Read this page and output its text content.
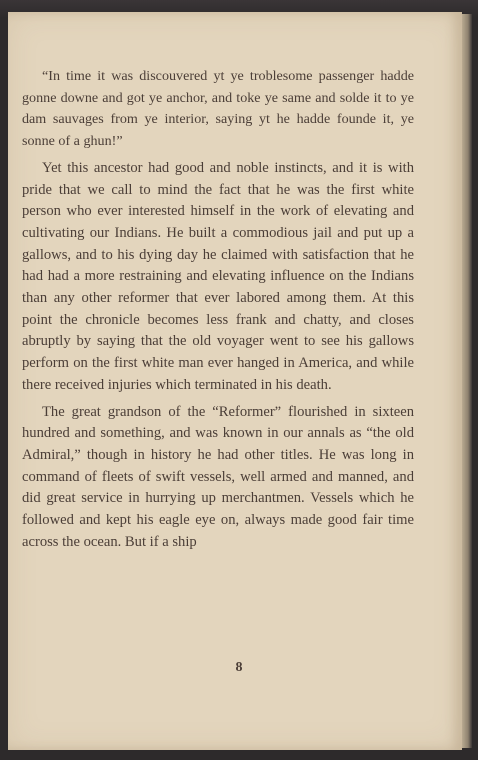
“In time it was discouvered yt ye troblesome passenger hadde gonne downe and got ye anchor, and toke ye same and solde it to ye dam sauvages from ye interior, saying yt he hadde founde it, ye sonne of a ghun!”

Yet this ancestor had good and noble instincts, and it is with pride that we call to mind the fact that he was the first white person who ever interested himself in the work of elevating and cultivating our Indians. He built a commodious jail and put up a gallows, and to his dying day he claimed with satisfaction that he had had a more restraining and elevating influence on the Indians than any other reformer that ever labored among them. At this point the chronicle becomes less frank and chatty, and closes abruptly by saying that the old voyager went to see his gallows perform on the first white man ever hanged in America, and while there received injuries which terminated in his death.

The great grandson of the “Reformer” flourished in sixteen hundred and something, and was known in our annals as “the old Admiral,” though in history he had other titles. He was long in command of fleets of swift vessels, well armed and manned, and did great service in hurrying up merchantmen. Vessels which he followed and kept his eagle eye on, always made good fair time across the ocean. But if a ship

8
